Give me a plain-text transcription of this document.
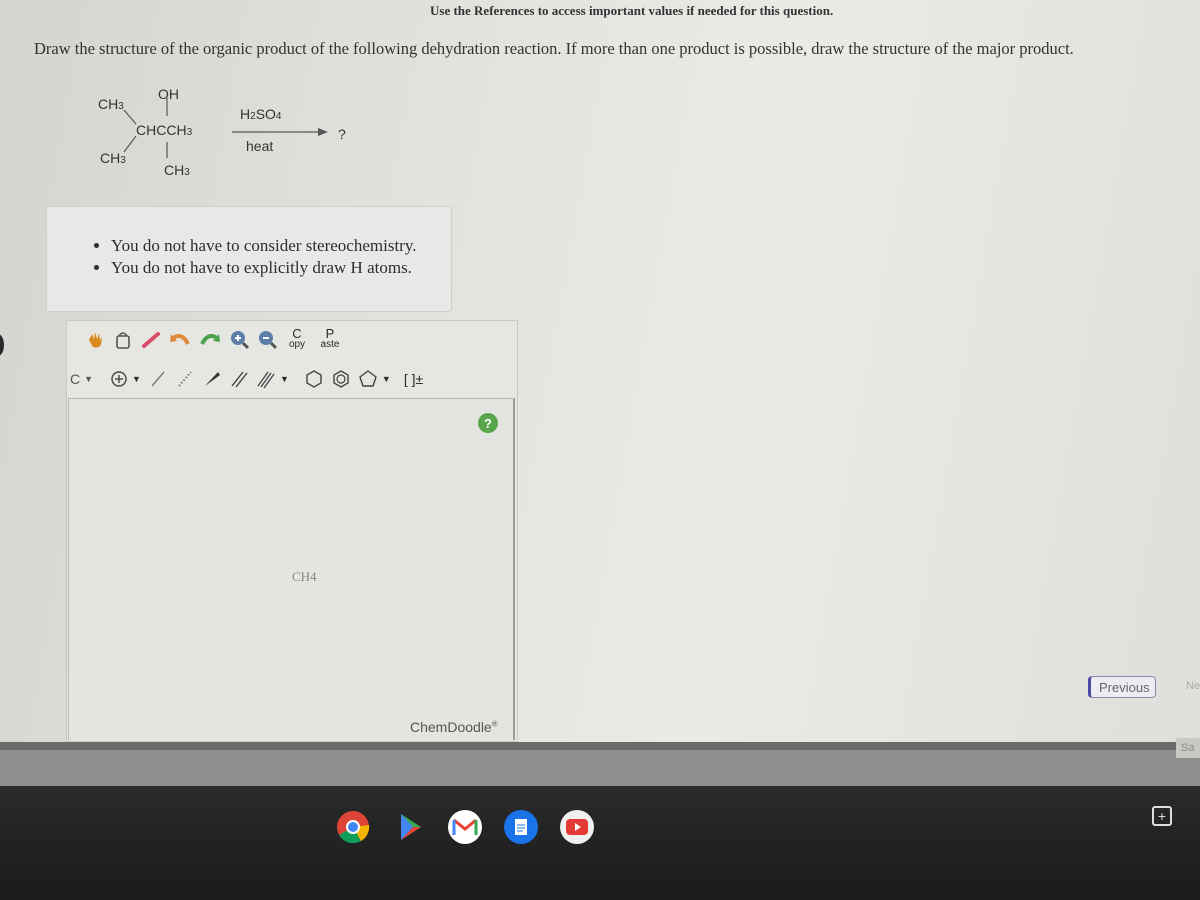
Use the References to access important values if needed for this question.
Draw the structure of the organic product of the following dehydration reaction. If more than one product is possible, draw the structure of the major product.
OH
CH3
CHCCH3
CH3
CH3
H2SO4
heat
?
• You do not have to consider stereochemistry.
• You do not have to explicitly draw H atoms.
C
opy
P
aste
C ▼	▼	▼	▼ [ ]±
?
CH4
ChemDoodle®
Previous	Ne
Sa
+
